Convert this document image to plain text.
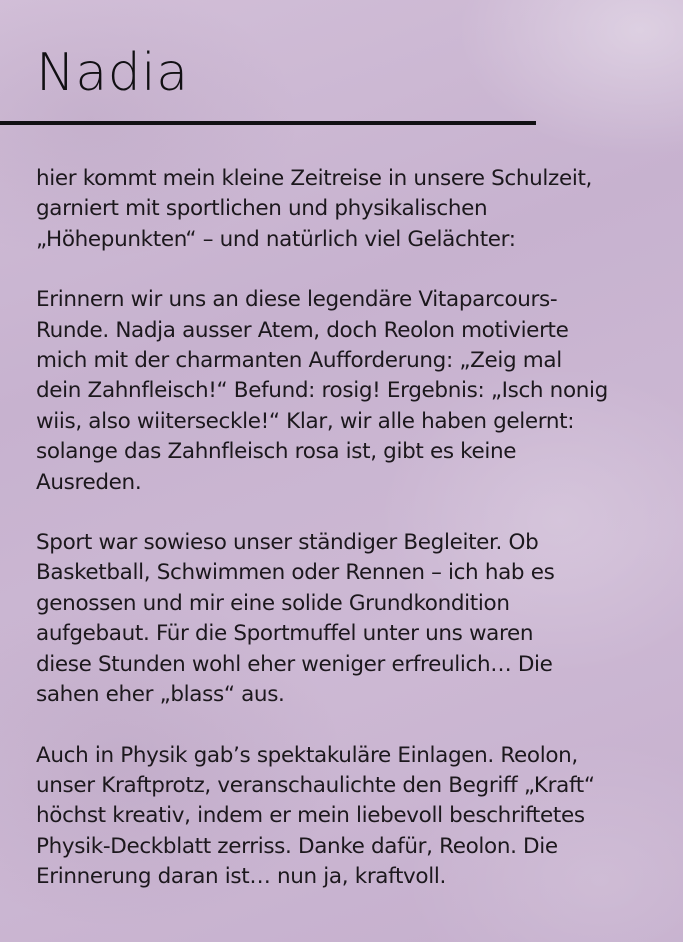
Nadia

hier kommt mein kleine Zeitreise in unsere Schulzeit,
garniert mit sportlichen und physikalischen
„Höhepunkten“ – und natürlich viel Gelächter:

Erinnern wir uns an diese legendäre Vitaparcours-
Runde. Nadja ausser Atem, doch Reolon motivierte
mich mit der charmanten Aufforderung: „Zeig mal
dein Zahnfleisch!“ Befund: rosig! Ergebnis: „Isch nonig
wiis, also wiiterseckle!“ Klar, wir alle haben gelernt:
solange das Zahnfleisch rosa ist, gibt es keine
Ausreden.

Sport war sowieso unser ständiger Begleiter. Ob
Basketball, Schwimmen oder Rennen – ich hab es
genossen und mir eine solide Grundkondition
aufgebaut. Für die Sportmuffel unter uns waren
diese Stunden wohl eher weniger erfreulich… Die
sahen eher „blass“ aus.

Auch in Physik gab’s spektakuläre Einlagen. Reolon,
unser Kraftprotz, veranschaulichte den Begriff „Kraft“
höchst kreativ, indem er mein liebevoll beschriftetes
Physik-Deckblatt zerriss. Danke dafür, Reolon. Die
Erinnerung daran ist… nun ja, kraftvoll.
